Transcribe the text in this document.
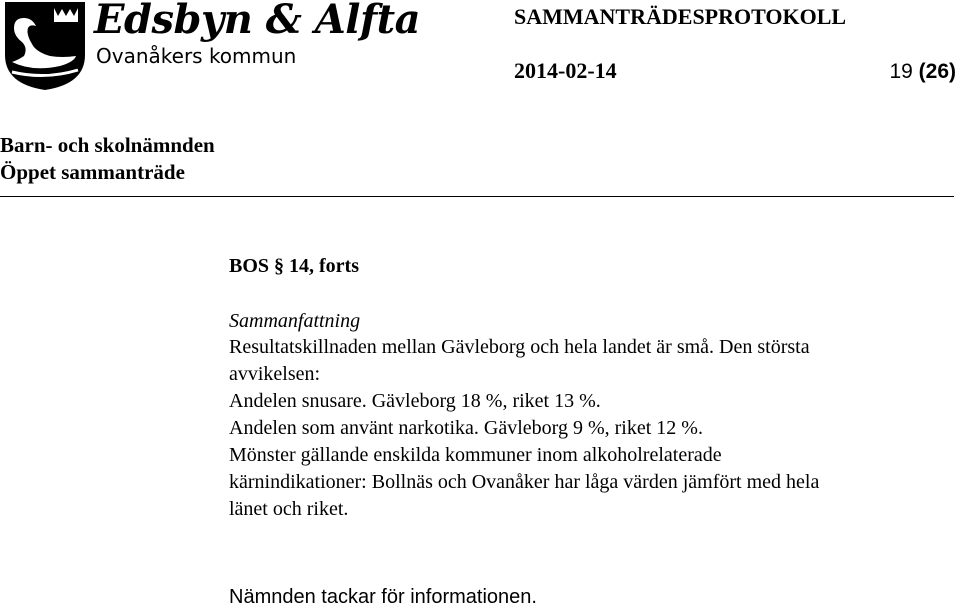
Edsbyn & Alfta
Ovanåkers kommun
SAMMANTRÄDESPROTOKOLL
2014-02-14	19 (26)
Barn- och skolnämnden
Öppet sammanträde
BOS § 14, forts
Sammanfattning
Resultatskillnaden mellan Gävleborg och hela landet är små. Den största
avvikelsen:
Andelen snusare. Gävleborg 18 %, riket 13 %.
Andelen som använt narkotika. Gävleborg 9 %, riket 12 %.
Mönster gällande enskilda kommuner inom alkoholrelaterade
kärnindikationer: Bollnäs och Ovanåker har låga värden jämfört med hela
länet och riket.
Nämnden tackar för informationen.
